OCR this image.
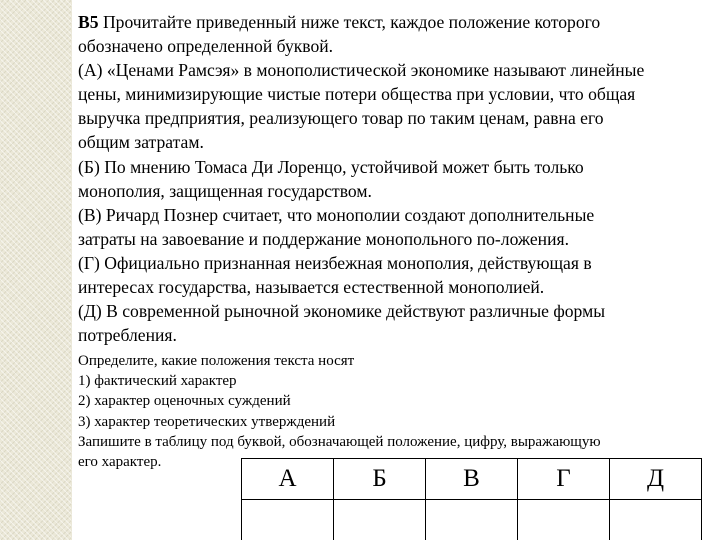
В5 Прочитайте приведенный ниже текст, каждое положение которого

обозначено определенной буквой.

(А) «Ценами Рамсэя» в монополистической экономике называют линейные

цены, минимизирующие чистые потери общества при условии, что общая

выручка предприятия, реализующего товар по таким ценам, равна его

общим затратам.

(Б) По мнению Томаса Ди Лоренцо, устойчивой может быть только

монополия, защищенная государством.

(В) Ричард Познер считает, что монополии создают дополнительные

затраты на завоевание и поддержание монопольного по-ложения.

(Г) Официально признанная неизбежная монополия, действующая в

интересах государства, называется естественной монополией.

(Д) В современной рыночной экономике действуют различные формы

потребления.

Определите, какие положения текста носят

1) фактический характер

2) характер оценочных суждений

3) характер теоретических утверждений

Запишите в таблицу под буквой, обозначающей положение, цифру, выражающую

его характер.

А	Б	В	Г	Д
